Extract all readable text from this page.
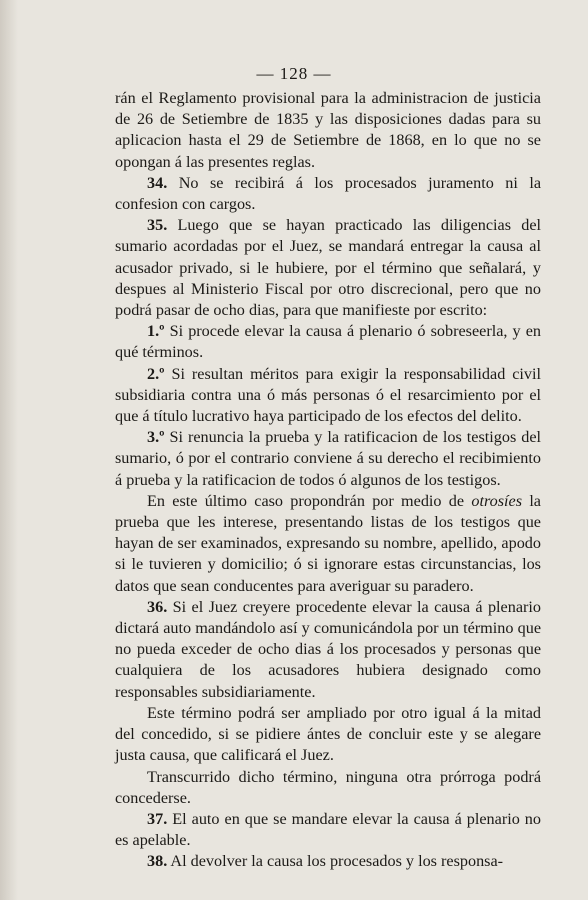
— 128 —

rán el Reglamento provisional para la administracion de justicia de 26 de Setiembre de 1835 y las disposiciones dadas para su aplicacion hasta el 29 de Setiembre de 1868, en lo que no se opongan á las presentes reglas.

34. No se recibirá á los procesados juramento ni la confesion con cargos.

35. Luego que se hayan practicado las diligencias del sumario acordadas por el Juez, se mandará entregar la causa al acusador privado, si le hubiere, por el término que señalará, y despues al Ministerio Fiscal por otro discrecional, pero que no podrá pasar de ocho dias, para que manifieste por escrito:

1.º Si procede elevar la causa á plenario ó sobreseerla, y en qué términos.

2.º Si resultan méritos para exigir la responsabilidad civil subsidiaria contra una ó más personas ó el resarcimiento por el que á título lucrativo haya participado de los efectos del delito.

3.º Si renuncia la prueba y la ratificacion de los testigos del sumario, ó por el contrario conviene á su derecho el recibimiento á prueba y la ratificacion de todos ó algunos de los testigos.

En este último caso propondrán por medio de otrosíes la prueba que les interese, presentando listas de los testigos que hayan de ser examinados, expresando su nombre, apellido, apodo si le tuvieren y domicilio; ó si ignorare estas circunstancias, los datos que sean conducentes para averiguar su paradero.

36. Si el Juez creyere procedente elevar la causa á plenario dictará auto mandándolo así y comunicándola por un término que no pueda exceder de ocho dias á los procesados y personas que cualquiera de los acusadores hubiera designado como responsables subsidiariamente.

Este término podrá ser ampliado por otro igual á la mitad del concedido, si se pidiere ántes de concluir este y se alegare justa causa, que calificará el Juez.

Transcurrido dicho término, ninguna otra prórroga podrá concederse.

37. El auto en que se mandare elevar la causa á plenario no es apelable.

38. Al devolver la causa los procesados y los responsa-
